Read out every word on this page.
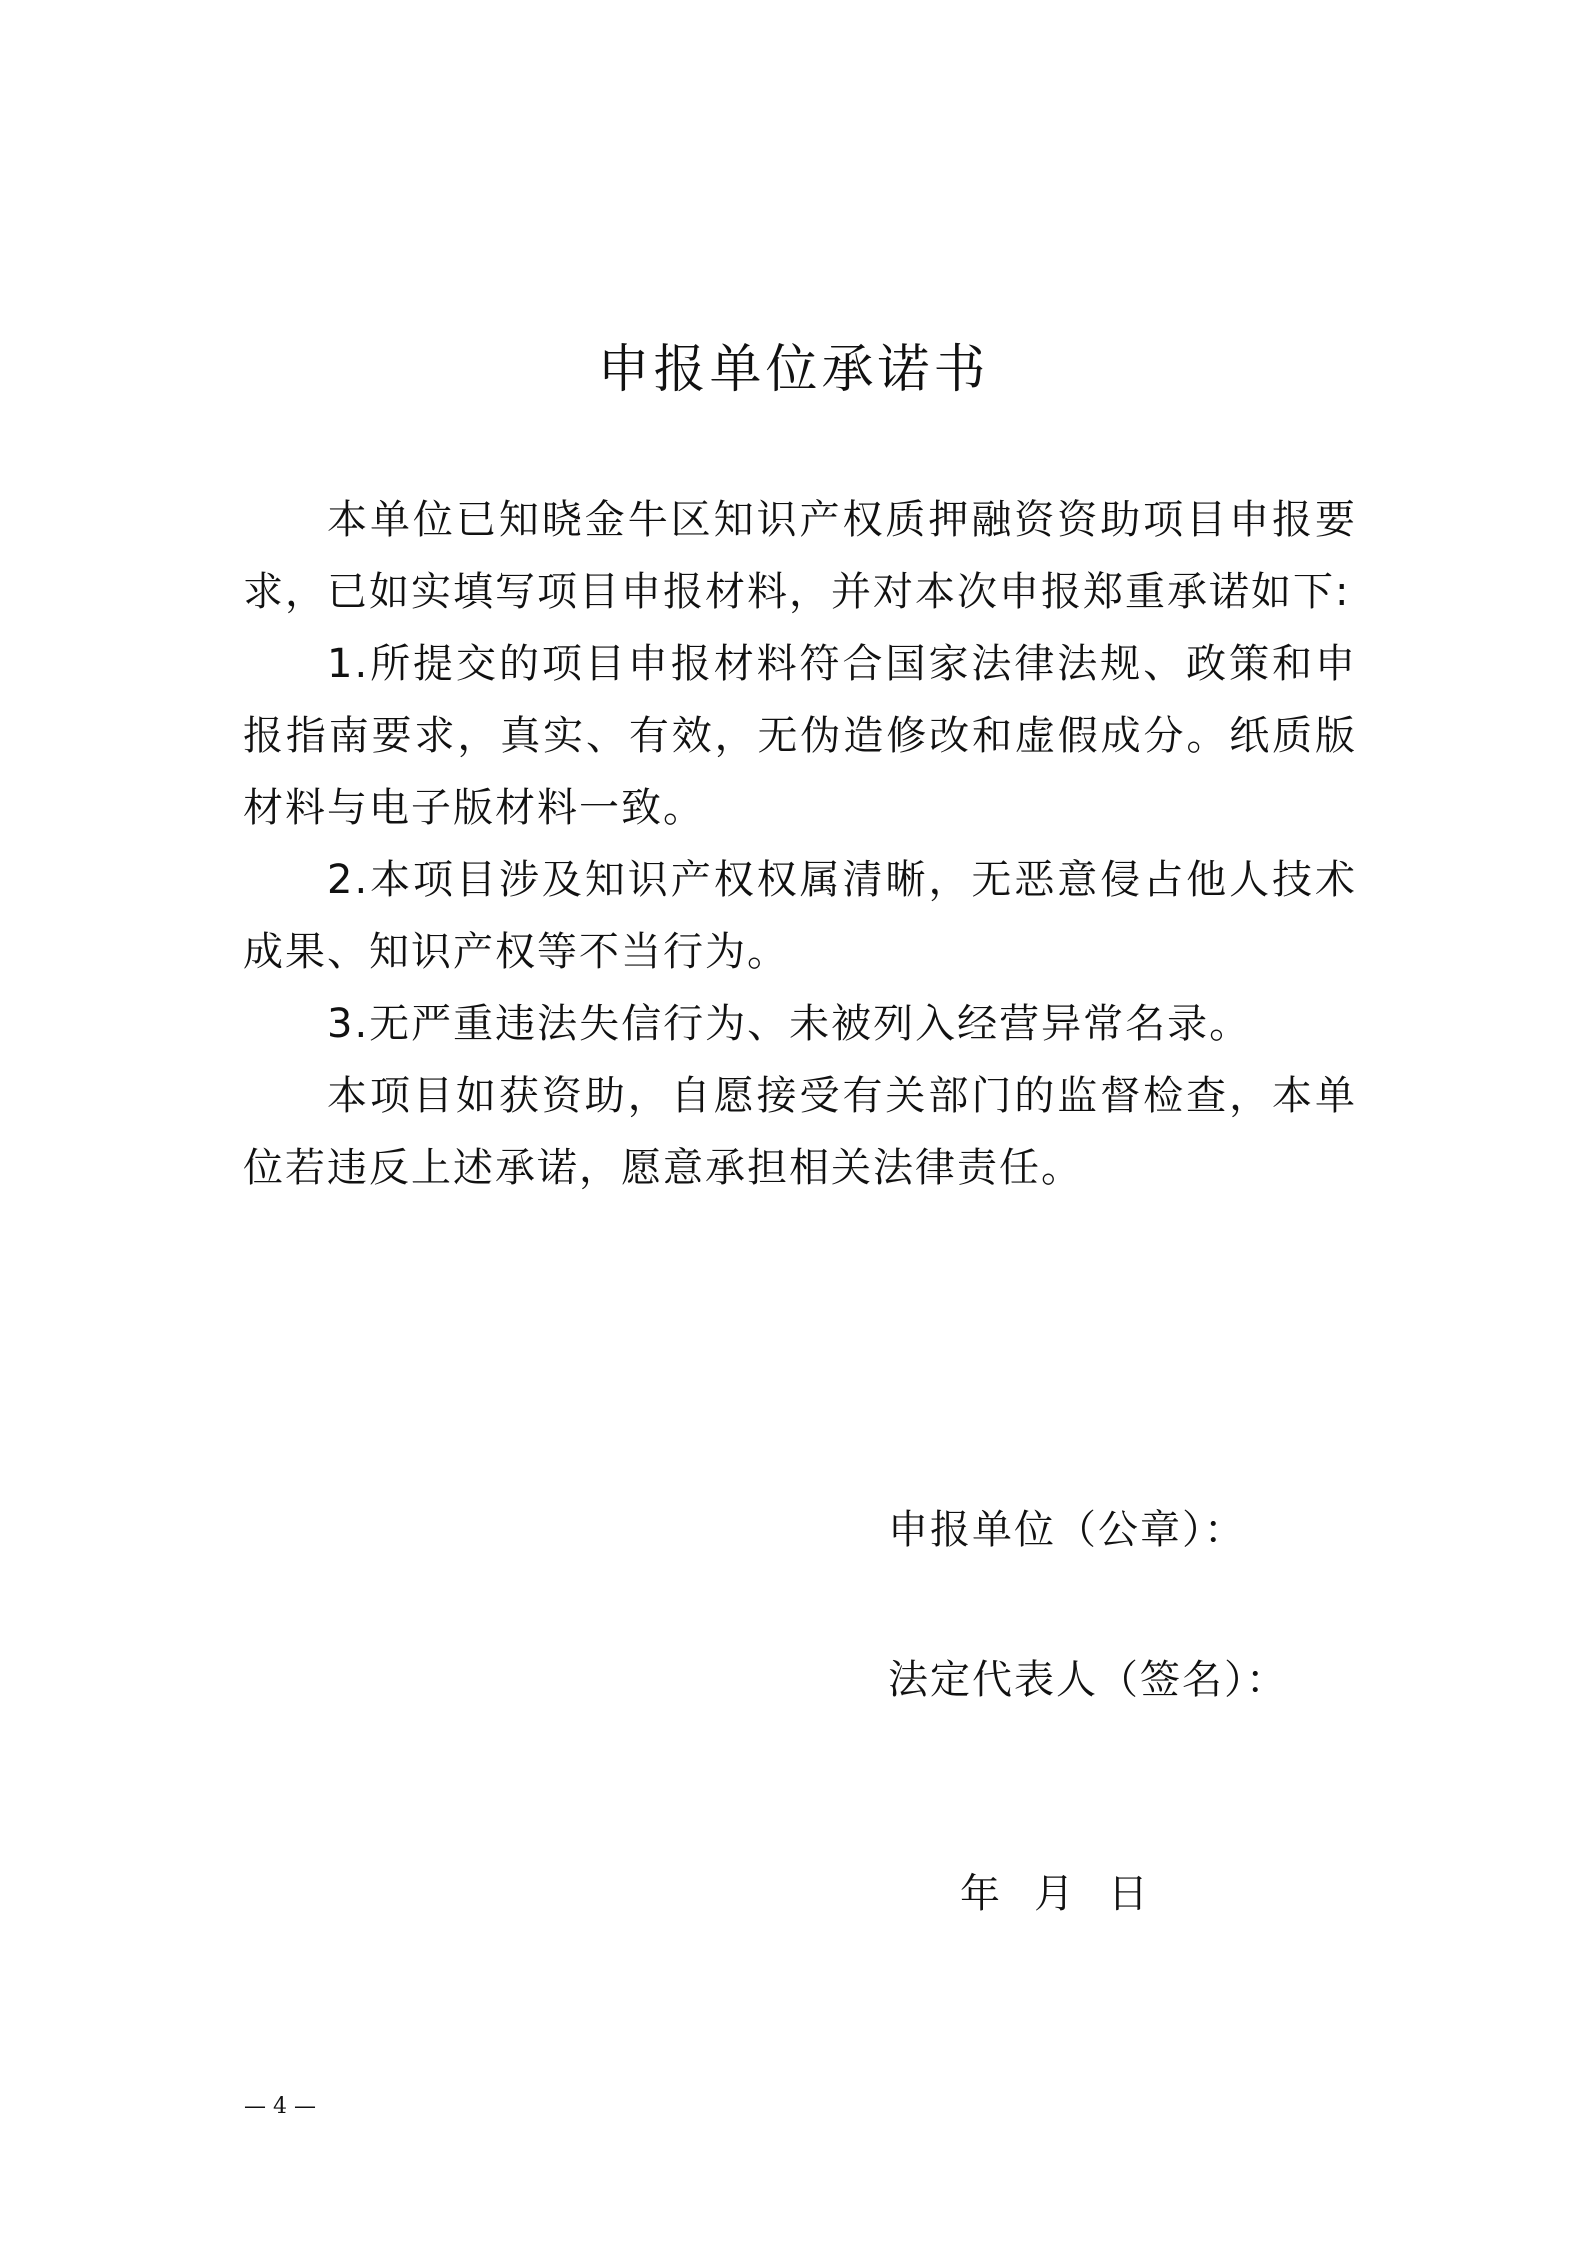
申报单位承诺书

本单位已知晓金牛区知识产权质押融资资助项目申报要求，已如实填写项目申报材料，并对本次申报郑重承诺如下:

1.所提交的项目申报材料符合国家法律法规、政策和申报指南要求，真实、有效，无伪造修改和虚假成分。纸质版材料与电子版材料一致。

2.本项目涉及知识产权权属清晰，无恶意侵占他人技术成果、知识产权等不当行为。

3.无严重违法失信行为、未被列入经营异常名录。

本项目如获资助，自愿接受有关部门的监督检查，本单位若违反上述承诺，愿意承担相关法律责任。

申报单位（公章）：
法定代表人（签名）：
年 月 日
— 4 —
